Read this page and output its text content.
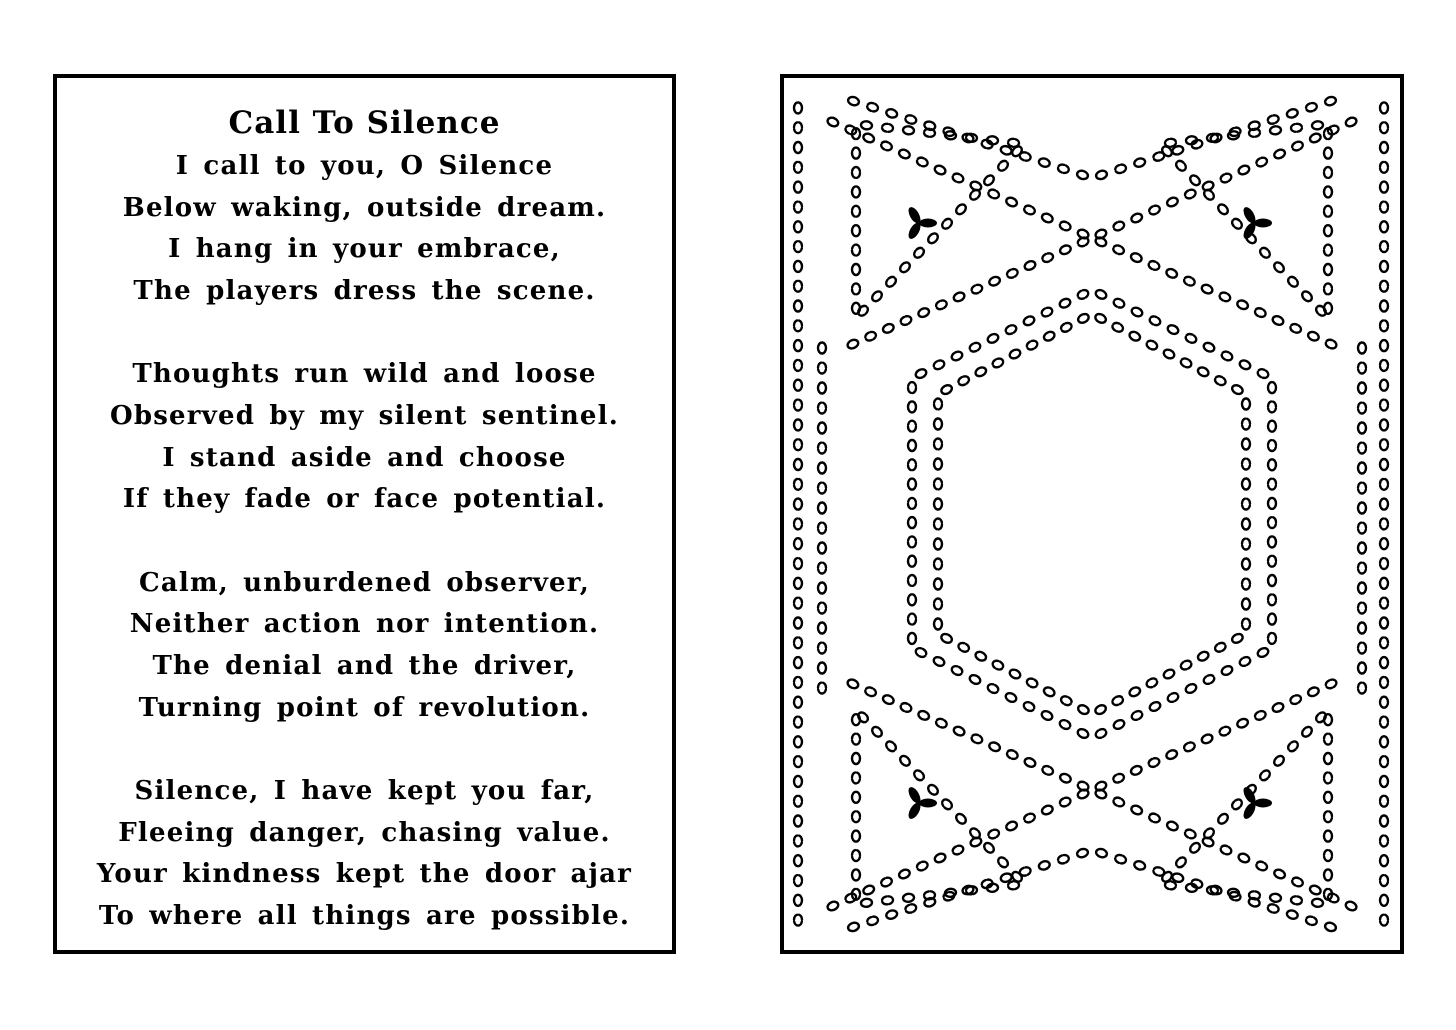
Call To Silence
I call to you, O Silence
Below waking, outside dream.
I hang in your embrace,
The players dress the scene.
Thoughts run wild and loose
Observed by my silent sentinel.
I stand aside and choose
If they fade or face potential.
Calm, unburdened observer,
Neither action nor intention.
The denial and the driver,
Turning point of revolution.
Silence, I have kept you far,
Fleeing danger, chasing value.
Your kindness kept the door ajar
To where all things are possible.
